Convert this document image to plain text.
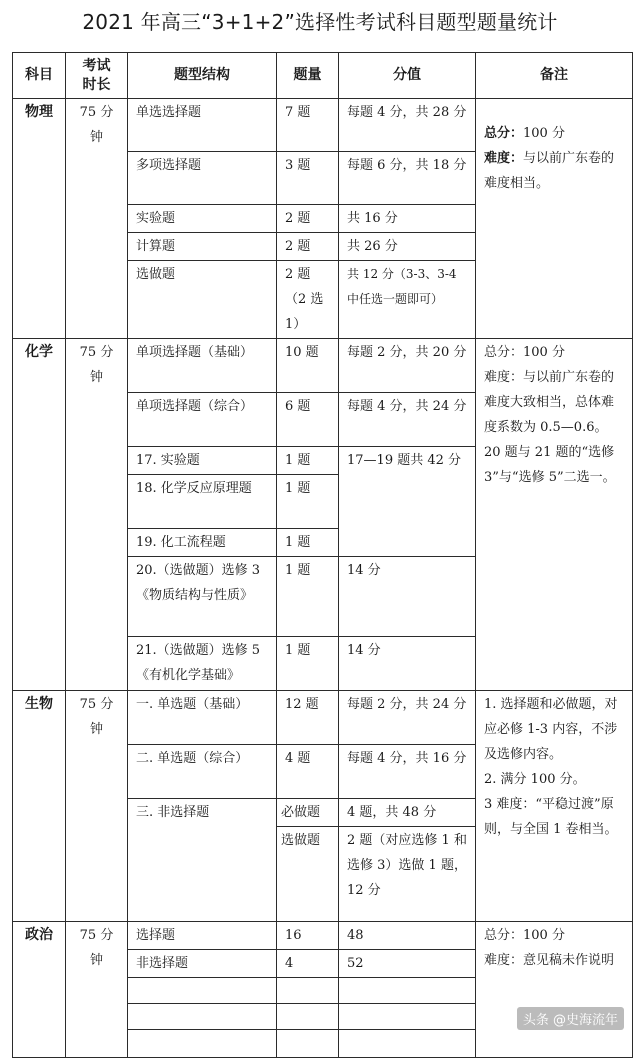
2021 年高三“3+1+2”选择性考试科目题型题量统计
科目	考试时长	题型结构	题量	分值	备注
物理	75 分钟	单选选择题	7 题	每题 4 分，共 28 分	总分：100 分
难度：与以前广东卷的难度相当。

		多项选择题	3 题	每题 6 分，共 18 分	
		实验题	2 题	共 16 分	
		计算题	2 题	共 26 分	
		选做题	2 题（2 选 1）	共 12 分（3-3、3-4 中任选一题即可）	
化学	75 分钟	单项选择题（基础）	10 题	每题 2 分，共 20 分	总分：100 分
难度：与以前广东卷的难度大致相当，总体难度系数为 0.5—0.6。
20 题与 21 题的“选修 3”与“选修 5”二选一。

		单项选择题（综合）	6 题	每题 4 分，共 24 分	
		17. 实验题	1 题	17—19 题共 42 分	
		18. 化学反应原理题	1 题		
		19. 化工流程题	1 题		
		20.（选做题）选修 3《物质结构与性质》	1 题	14 分	
		21.（选做题）选修 5《有机化学基础》	1 题	14 分	
生物	75 分钟	一. 单选题（基础）	12 题	每题 2 分，共 24 分	1. 选择题和必做题，对应必修 1-3 内容，不涉及选修内容。
2. 满分 100 分。
3 难度：“平稳过渡”原则，与全国 1 卷相当。

		二. 单选题（综合）	4 题	每题 4 分，共 16 分	
		三. 非选择题	必做题	4 题，共 48 分	
			选做题	2 题（对应选修 1 和选修 3）选做 1 题，12 分	
政治	75 分钟	选择题	16	48	总分：100 分
难度：意见稿未作说明

		非选择题	4	52	

头条 @史海流年
